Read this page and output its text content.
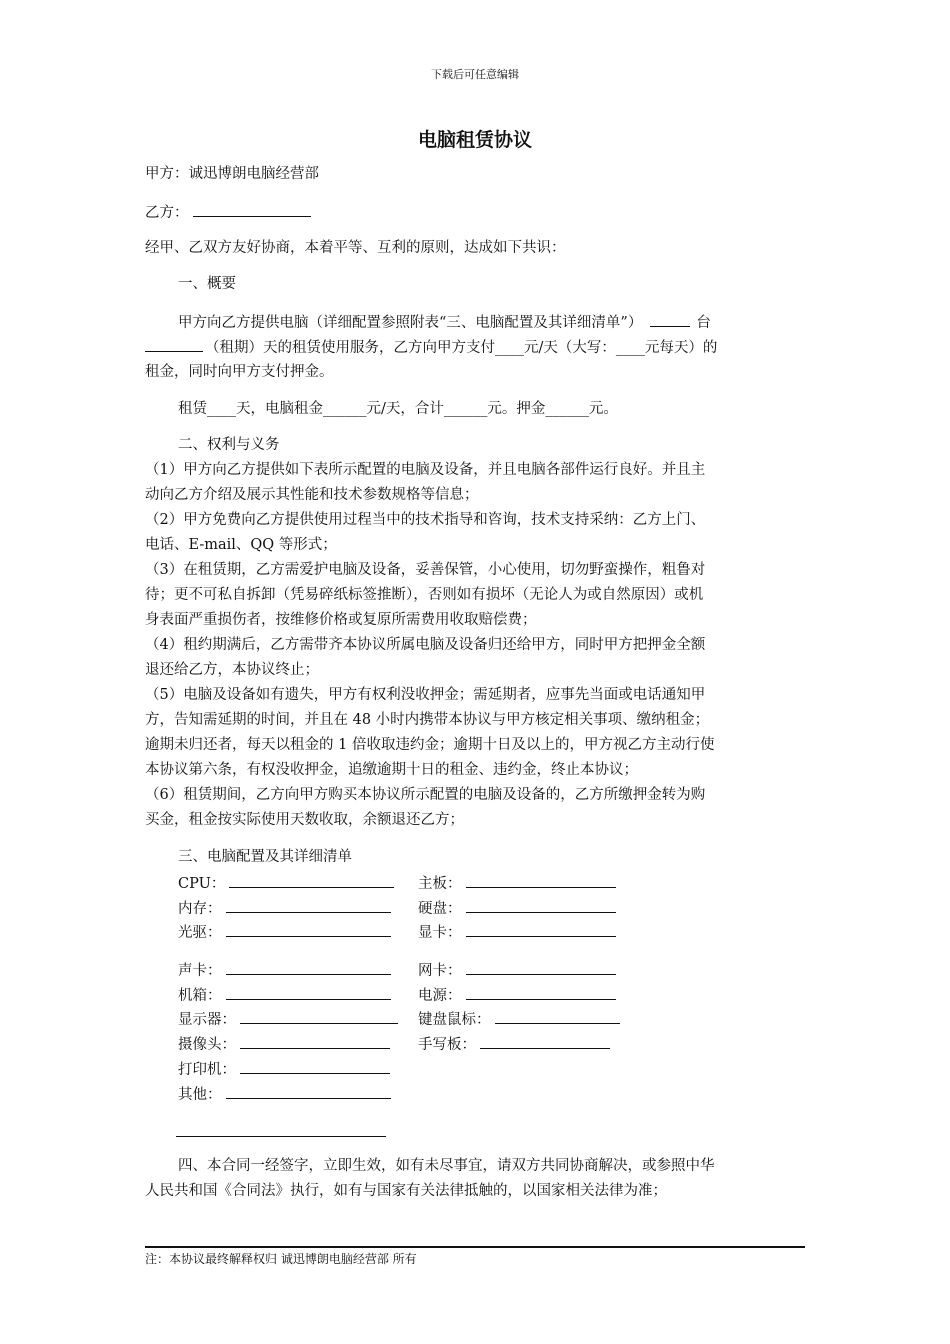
下载后可任意编辑
电脑租赁协议
甲方：诚迅博朗电脑经营部
乙方：
经甲、乙双方友好协商，本着平等、互利的原则，达成如下共识：
一、概要
甲方向乙方提供电脑（详细配置参照附表“三、电脑配置及其详细清单”）	台
（租期）天的租赁使用服务，乙方向甲方支付____元/天（大写：____元每天）的
租金，同时向甲方支付押金。
租赁____天，电脑租金______元/天，合计______元。押金______元。
二、权利与义务
（1）甲方向乙方提供如下表所示配置的电脑及设备，并且电脑各部件运行良好。并且主
动向乙方介绍及展示其性能和技术参数规格等信息；
（2）甲方免费向乙方提供使用过程当中的技术指导和咨询，技术支持采纳：乙方上门、
电话、E-mail、QQ 等形式；
（3）在租赁期，乙方需爱护电脑及设备，妥善保管，小心使用，切勿野蛮操作，粗鲁对
待；更不可私自拆卸（凭易碎纸标签推断），否则如有损坏（无论人为或自然原因）或机
身表面严重损伤者，按维修价格或复原所需费用收取赔偿费；
（4）租约期满后，乙方需带齐本协议所属电脑及设备归还给甲方，同时甲方把押金全额
退还给乙方，本协议终止；
（5）电脑及设备如有遗失，甲方有权利没收押金；需延期者，应事先当面或电话通知甲
方，告知需延期的时间，并且在 48 小时内携带本协议与甲方核定相关事项、缴纳租金；
逾期未归还者，每天以租金的 1 倍收取违约金；逾期十日及以上的，甲方视乙方主动行使
本协议第六条，有权没收押金，追缴逾期十日的租金、违约金，终止本协议；
（6）租赁期间，乙方向甲方购买本协议所示配置的电脑及设备的，乙方所缴押金转为购
买金，租金按实际使用天数收取，余额退还乙方；
三、电脑配置及其详细清单
CPU：
内存：
光驱：
声卡：
机箱：
显示器：
摄像头：
打印机：
其他：
主板：
硬盘：
显卡：
网卡：
电源：
键盘鼠标：
手写板：
四、本合同一经签字，立即生效，如有未尽事宜，请双方共同协商解决，或参照中华
人民共和国《合同法》执行，如有与国家有关法律抵触的，以国家相关法律为准；
注：本协议最终解释权归 诚迅博朗电脑经营部 所有
